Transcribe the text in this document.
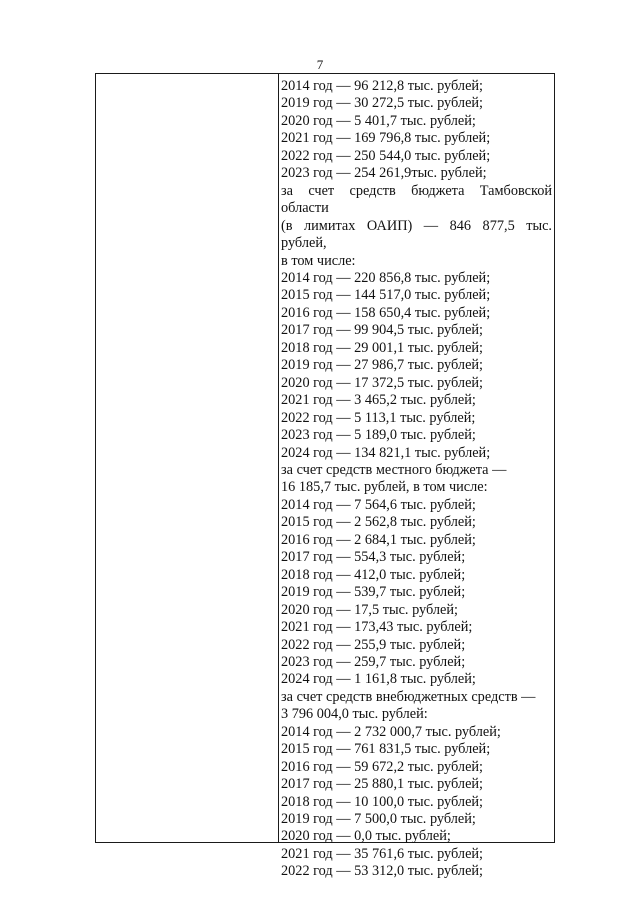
7
2014 год — 96 212,8 тыс. рублей;
2019 год — 30 272,5 тыс. рублей;
2020 год — 5 401,7 тыс. рублей;
2021 год — 169 796,8 тыс. рублей;
2022 год — 250 544,0 тыс. рублей;
2023 год — 254 261,9тыс. рублей;
за счет средств бюджета Тамбовской области
(в лимитах ОАИП) — 846 877,5 тыс. рублей,
в том числе:
2014 год — 220 856,8 тыс. рублей;
2015 год — 144 517,0 тыс. рублей;
2016 год — 158 650,4 тыс. рублей;
2017 год — 99 904,5 тыс. рублей;
2018 год — 29 001,1 тыс. рублей;
2019 год — 27 986,7 тыс. рублей;
2020 год — 17 372,5 тыс. рублей;
2021 год — 3 465,2 тыс. рублей;
2022 год — 5 113,1 тыс. рублей;
2023 год — 5 189,0 тыс. рублей;
2024 год — 134 821,1 тыс. рублей;
за счет средств местного бюджета —
16 185,7 тыс. рублей, в том числе:
2014 год — 7 564,6 тыс. рублей;
2015 год — 2 562,8 тыс. рублей;
2016 год — 2 684,1 тыс. рублей;
2017 год — 554,3 тыс. рублей;
2018 год — 412,0 тыс. рублей;
2019 год — 539,7 тыс. рублей;
2020 год — 17,5 тыс. рублей;
2021 год — 173,43 тыс. рублей;
2022 год — 255,9 тыс. рублей;
2023 год — 259,7 тыс. рублей;
2024 год — 1 161,8 тыс. рублей;
за счет средств внебюджетных средств —
3 796 004,0 тыс. рублей:
2014 год — 2 732 000,7 тыс. рублей;
2015 год — 761 831,5 тыс. рублей;
2016 год — 59 672,2 тыс. рублей;
2017 год — 25 880,1 тыс. рублей;
2018 год — 10 100,0 тыс. рублей;
2019 год — 7 500,0 тыс. рублей;
2020 год — 0,0 тыс. рублей;
2021 год — 35 761,6 тыс. рублей;
2022 год — 53 312,0 тыс. рублей;
